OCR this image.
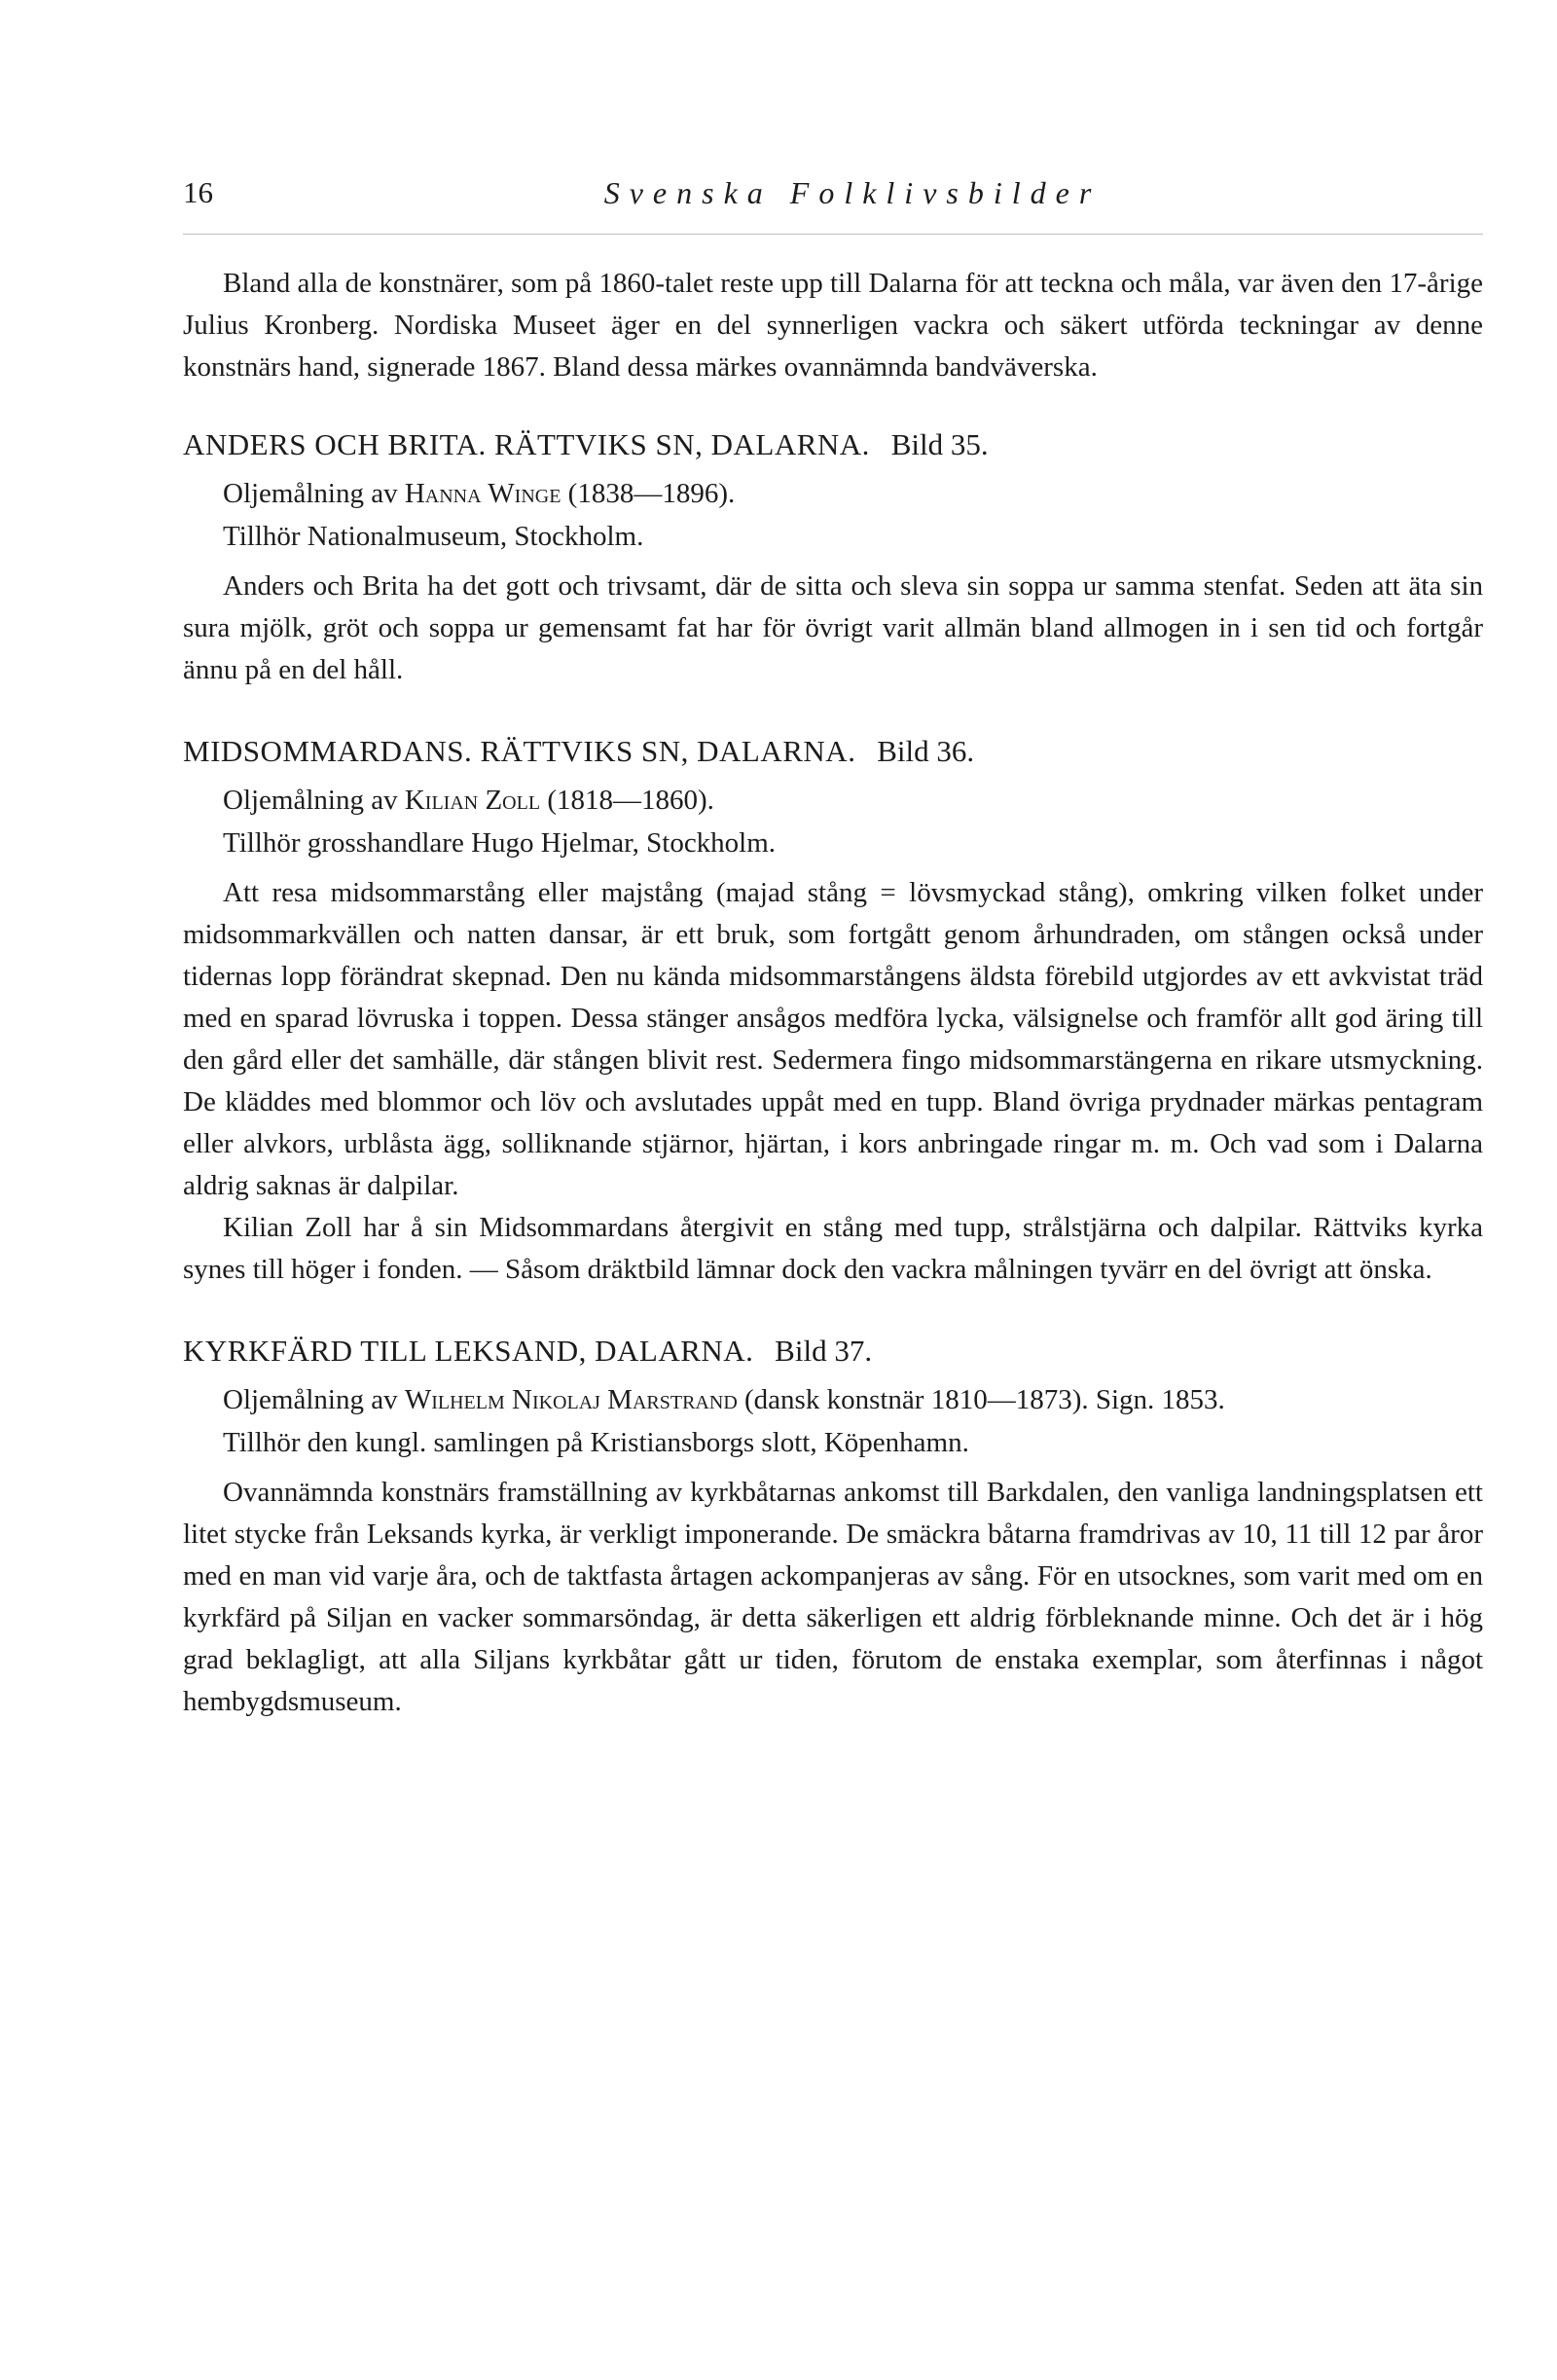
16	Svenska Folklivsbilder

Bland alla de konstnärer, som på 1860-talet reste upp till Dalarna för att teckna och måla, var även den 17-årige Julius Kronberg. Nordiska Museet äger en del synnerligen vackra och säkert utförda teckningar av denne konstnärs hand, signerade 1867. Bland dessa märkes ovannämnda bandväverska.

ANDERS OCH BRITA. RÄTTVIKS SN, DALARNA. Bild 35.
Oljemålning av Hanna Winge (1838—1896).
Tillhör Nationalmuseum, Stockholm.

Anders och Brita ha det gott och trivsamt, där de sitta och sleva sin soppa ur samma stenfat. Seden att äta sin sura mjölk, gröt och soppa ur gemensamt fat har för övrigt varit allmän bland allmogen in i sen tid och fortgår ännu på en del håll.

MIDSOMMARDANS. RÄTTVIKS SN, DALARNA. Bild 36.
Oljemålning av Kilian Zoll (1818—1860).
Tillhör grosshandlare Hugo Hjelmar, Stockholm.

Att resa midsommarstång eller majstång (majad stång = lövsmyckad stång), omkring vilken folket under midsommarkvällen och natten dansar, är ett bruk, som fortgått genom århundraden, om stången också under tidernas lopp förändrat skepnad. Den nu kända midsommarstångens äldsta förebild utgjordes av ett avkvistat träd med en sparad lövruska i toppen. Dessa stänger ansågos medföra lycka, välsignelse och framför allt god äring till den gård eller det samhälle, där stången blivit rest. Sedermera fingo midsommarstängerna en rikare utsmyckning. De kläddes med blommor och löv och avslutades uppåt med en tupp. Bland övriga prydnader märkas pentagram eller alvkors, urblåsta ägg, solliknande stjärnor, hjärtan, i kors anbringade ringar m. m. Och vad som i Dalarna aldrig saknas är dalpilar.

Kilian Zoll har å sin Midsommardans återgivit en stång med tupp, strålstjärna och dalpilar. Rättviks kyrka synes till höger i fonden. — Såsom dräktbild lämnar dock den vackra målningen tyvärr en del övrigt att önska.

KYRKFÄRD TILL LEKSAND, DALARNA. Bild 37.
Oljemålning av Wilhelm Nikolaj Marstrand (dansk konstnär 1810—1873). Sign. 1853.
Tillhör den kungl. samlingen på Kristiansborgs slott, Köpenhamn.

Ovannämnda konstnärs framställning av kyrkbåtarnas ankomst till Barkdalen, den vanliga landningsplatsen ett litet stycke från Leksands kyrka, är verkligt imponerande. De smäckra båtarna framdrivas av 10, 11 till 12 par åror med en man vid varje åra, och de taktfasta årtagen ackompanjeras av sång. För en utsocknes, som varit med om en kyrkfärd på Siljan en vacker sommarsöndag, är detta säkerligen ett aldrig förbleknande minne. Och det är i hög grad beklagligt, att alla Siljans kyrkbåtar gått ur tiden, förutom de enstaka exemplar, som återfinnas i något hembygdsmuseum.
